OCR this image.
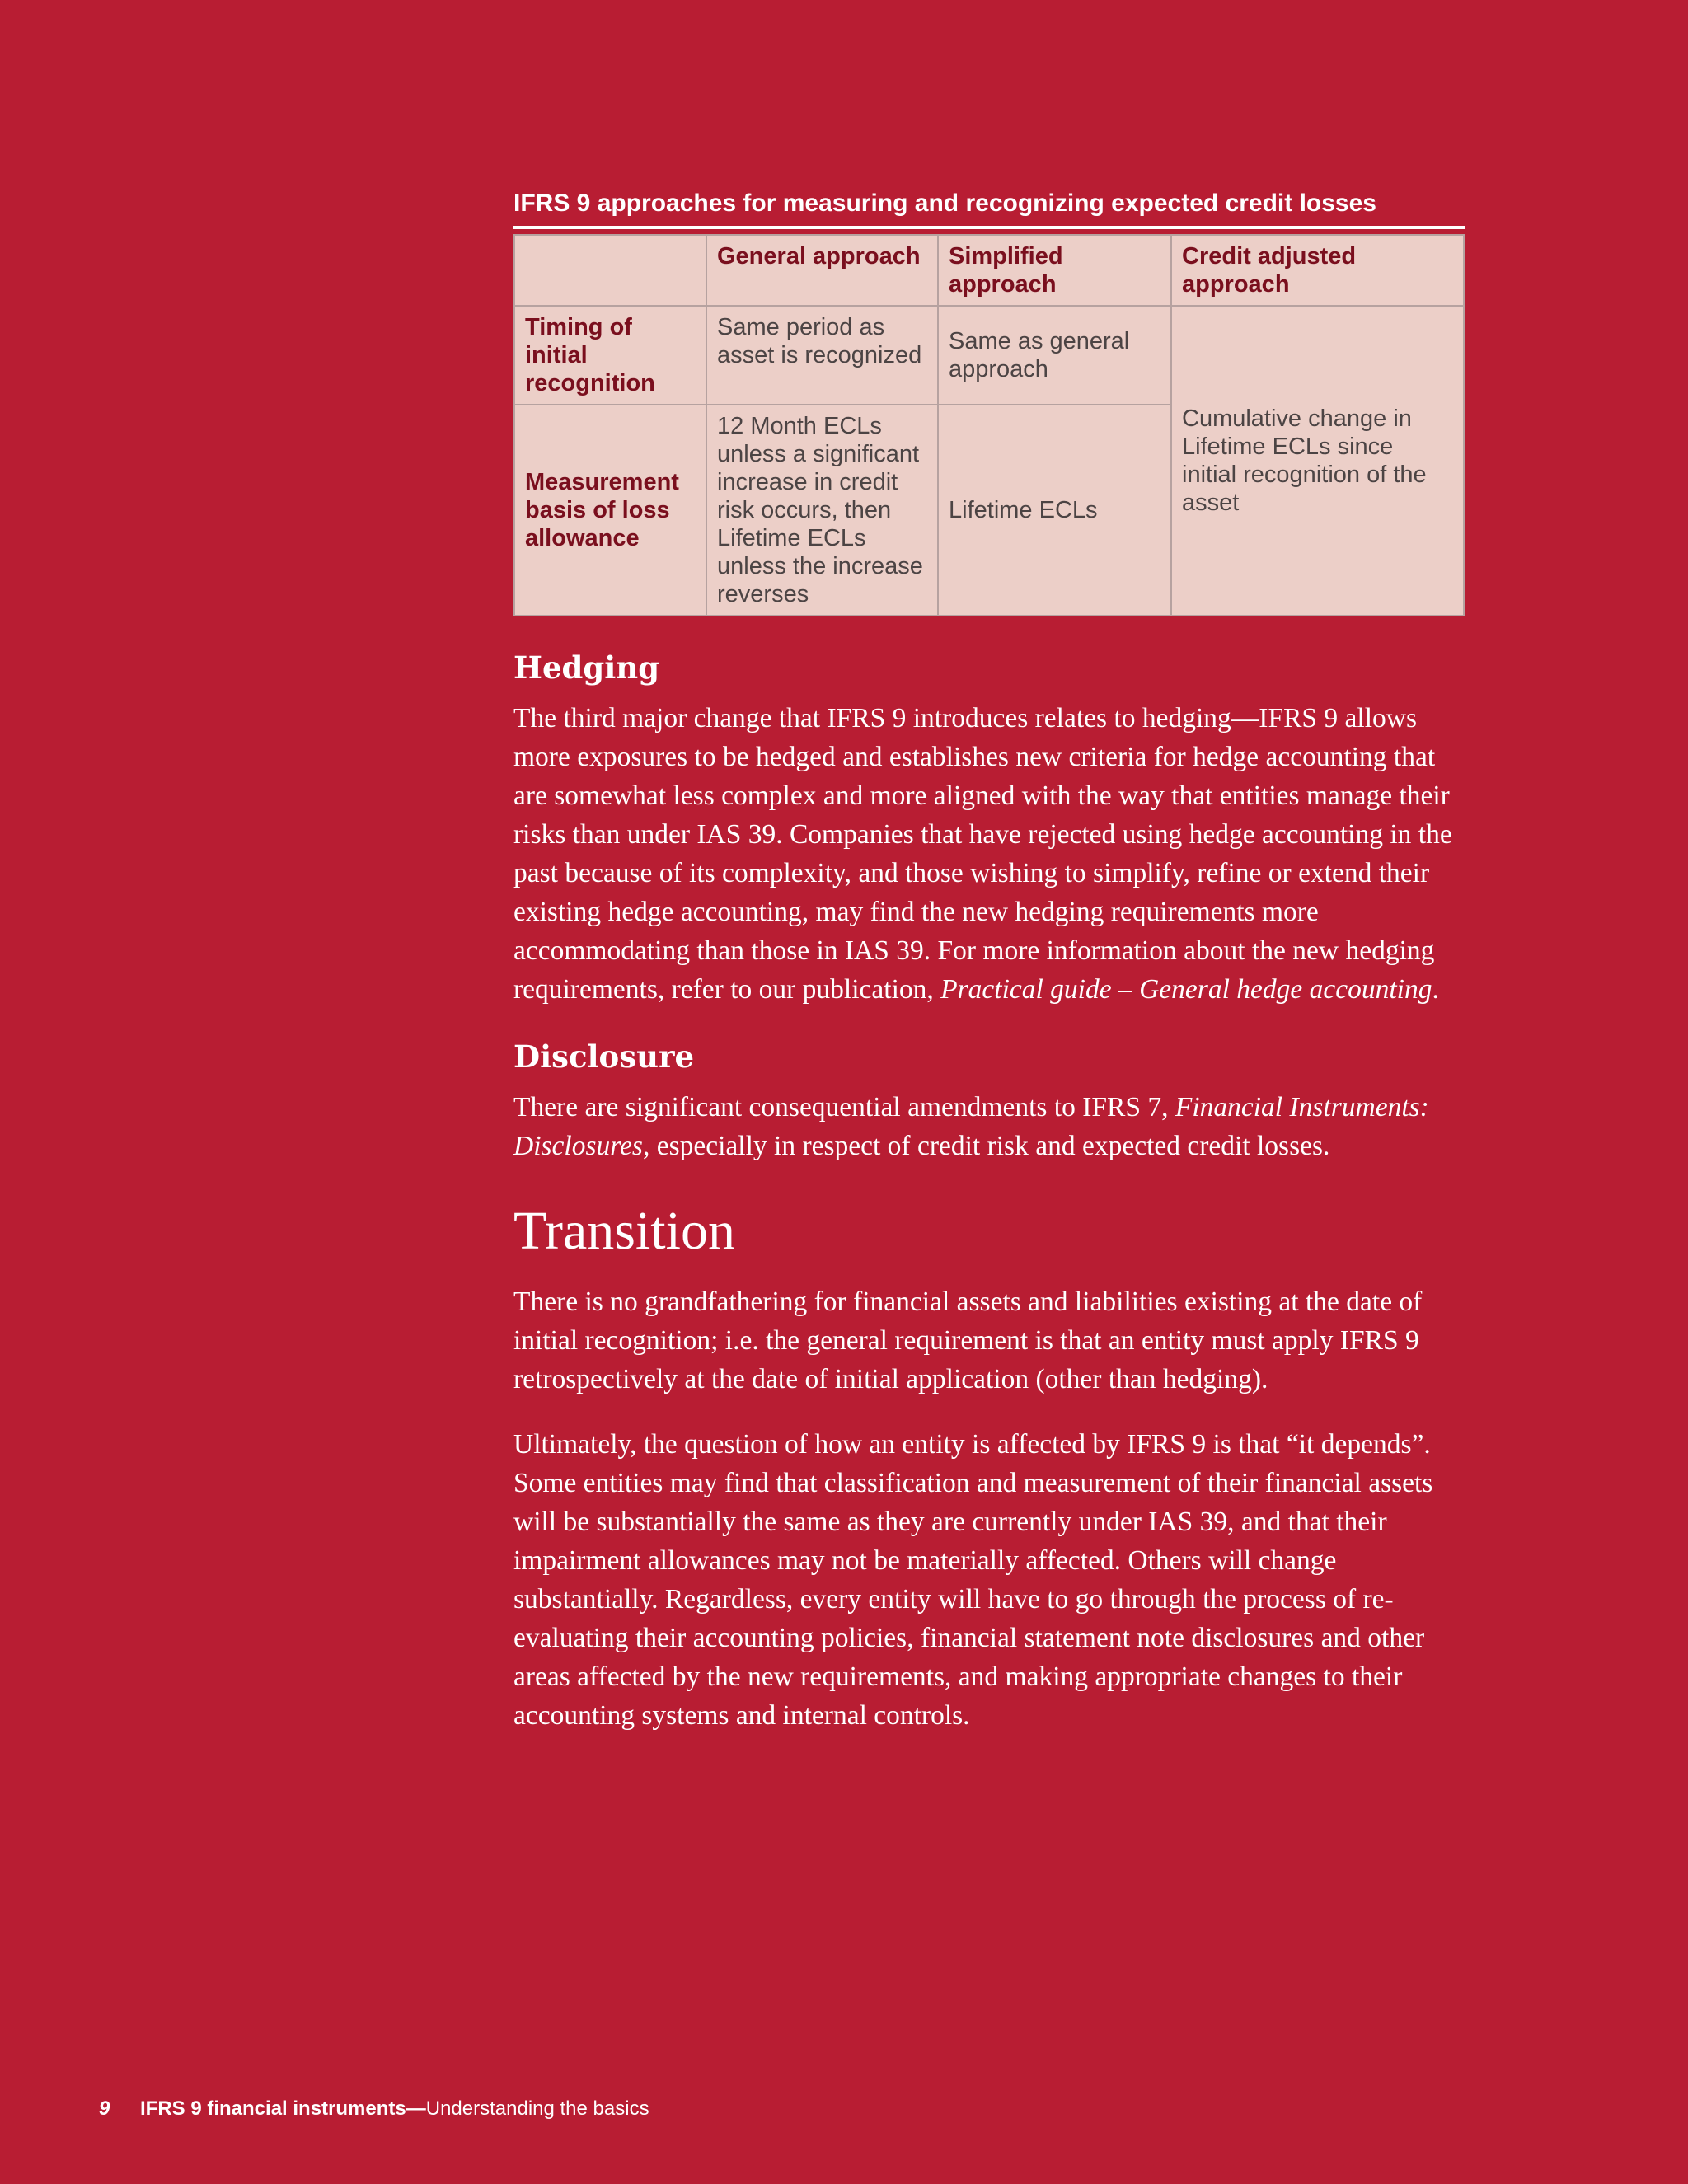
IFRS 9 approaches for measuring and recognizing expected credit losses
	General approach	Simplified approach	Credit adjusted approach
Timing of initial recognition	Same period as asset is recognized	Same as general approach	Cumulative change in Lifetime ECLs since initial recognition of the asset
Measurement basis of loss allowance	12 Month ECLs unless a significant increase in credit risk occurs, then Lifetime ECLs unless the increase reverses	Lifetime ECLs	
Hedging

The third major change that IFRS 9 introduces relates to hedging—IFRS 9 allows more exposures to be hedged and establishes new criteria for hedge accounting that are somewhat less complex and more aligned with the way that entities manage their risks than under IAS 39. Companies that have rejected using hedge accounting in the past because of its complexity, and those wishing to simplify, refine or extend their existing hedge accounting, may find the new hedging requirements more accommodating than those in IAS 39. For more information about the new hedging requirements, refer to our publication, Practical guide – General hedge accounting.

Disclosure

There are significant consequential amendments to IFRS 7, Financial Instruments: Disclosures, especially in respect of credit risk and expected credit losses.

Transition

There is no grandfathering for financial assets and liabilities existing at the date of initial recognition; i.e. the general requirement is that an entity must apply IFRS 9 retrospectively at the date of initial application (other than hedging).

Ultimately, the question of how an entity is affected by IFRS 9 is that “it depends”. Some entities may find that classification and measurement of their financial assets will be substantially the same as they are currently under IAS 39, and that their impairment allowances may not be materially affected. Others will change substantially. Regardless, every entity will have to go through the process of re-evaluating their accounting policies, financial statement note disclosures and other areas affected by the new requirements, and making appropriate changes to their accounting systems and internal controls.

9 IFRS 9 financial instruments—Understanding the basics
